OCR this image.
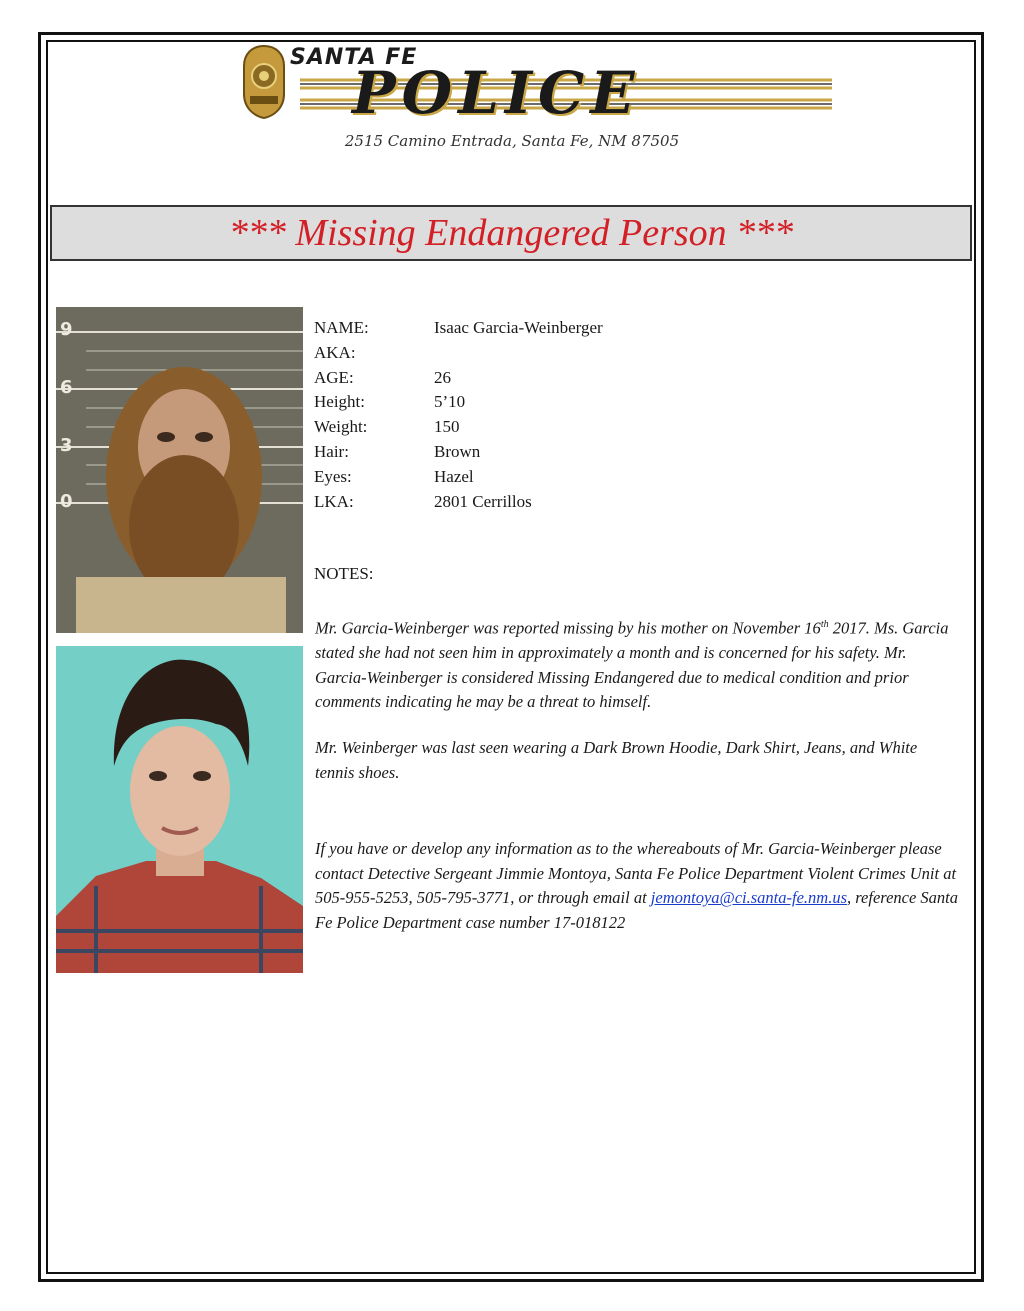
SANTA FE
POLICE
2515 Camino Entrada, Santa Fe, NM 87505
*** Missing Endangered Person ***
9
6
3
0
NAME:	Isaac Garcia-Weinberger
AKA:
AGE:	26
Height:	5’10
Weight:	150
Hair:	Brown
Eyes:	Hazel
LKA:	2801 Cerrillos
NOTES:
Mr. Garcia-Weinberger was reported missing by his mother on November 16th 2017. Ms. Garcia stated she had not seen him in approximately a month and is concerned for his safety. Mr. Garcia-Weinberger is considered Missing Endangered due to medical condition and prior comments indicating he may be a threat to himself.
Mr. Weinberger was last seen wearing a Dark Brown Hoodie, Dark Shirt, Jeans, and White tennis shoes.
If you have or develop any information as to the whereabouts of Mr. Garcia-Weinberger please contact Detective Sergeant Jimmie Montoya, Santa Fe Police Department Violent Crimes Unit at 505-955-5253, 505-795-3771, or through email at jemontoya@ci.santa-fe.nm.us, reference Santa Fe Police Department case number 17-018122
